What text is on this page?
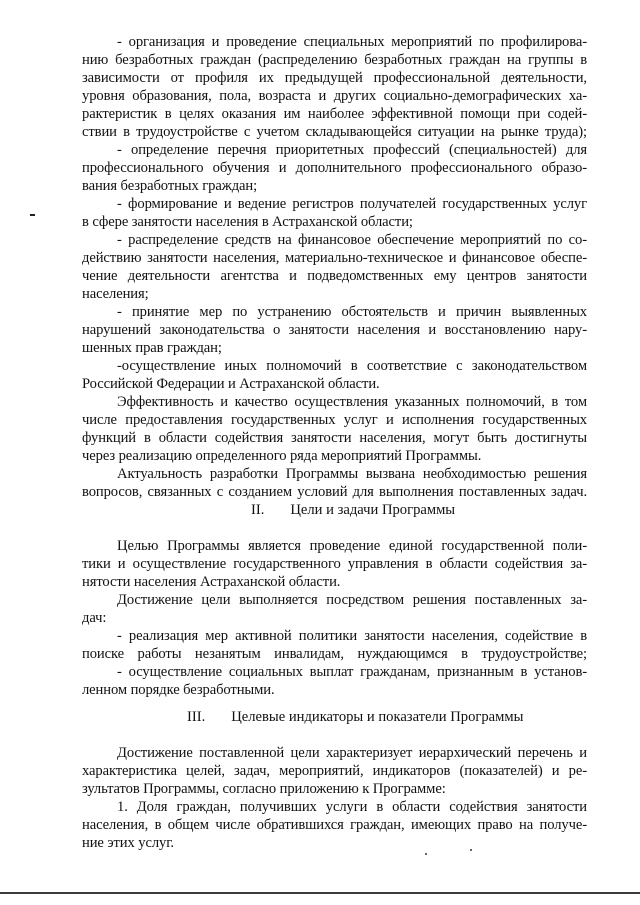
- организация и проведение специальных мероприятий по профилирова-
нию безработных граждан (распределению безработных граждан на группы в
зависимости от профиля их предыдущей профессиональной деятельности,
уровня образования, пола, возраста и других социально-демографических ха-
рактеристик в целях оказания им наиболее эффективной помощи при содей-
ствии в трудоустройстве с учетом складывающейся ситуации на рынке труда);
- определение перечня приоритетных профессий (специальностей) для
профессионального обучения и дополнительного профессионального образо-
вания безработных граждан;
- формирование и ведение регистров получателей государственных услуг
в сфере занятости населения в Астраханской области;
- распределение средств на финансовое обеспечение мероприятий по со-
действию занятости населения, материально-техническое и финансовое обеспе-
чение деятельности агентства и подведомственных ему центров занятости
населения;
- принятие мер по устранению обстоятельств и причин выявленных
нарушений законодательства о занятости населения и восстановлению нару-
шенных прав граждан;
-осуществление иных полномочий в соответствие с законодательством
Российской Федерации и Астраханской области.
Эффективность и качество осуществления указанных полномочий, в том
числе предоставления государственных услуг и исполнения государственных
функций в области содействия занятости населения, могут быть достигнуты
через реализацию определенного ряда мероприятий Программы.
Актуальность разработки Программы вызвана необходимостью решения
вопросов, связанных с созданием условий для выполнения поставленных задач.
II. Цели и задачи Программы
Целью Программы является проведение единой государственной поли-
тики и осуществление государственного управления в области содействия за-
нятости населения Астраханской области.
Достижение цели выполняется посредством решения поставленных за-
дач:
- реализация мер активной политики занятости населения, содействие в
поиске работы незанятым инвалидам, нуждающимся в трудоустройстве;
- осуществление социальных выплат гражданам, признанным в установ-
ленном порядке безработными.
III. Целевые индикаторы и показатели Программы
Достижение поставленной цели характеризует иерархический перечень и
характеристика целей, задач, мероприятий, индикаторов (показателей) и ре-
зультатов Программы, согласно приложению к Программе:
1. Доля граждан, получивших услуги в области содействия занятости
населения, в общем числе обратившихся граждан, имеющих право на получе-
ние этих услуг.
